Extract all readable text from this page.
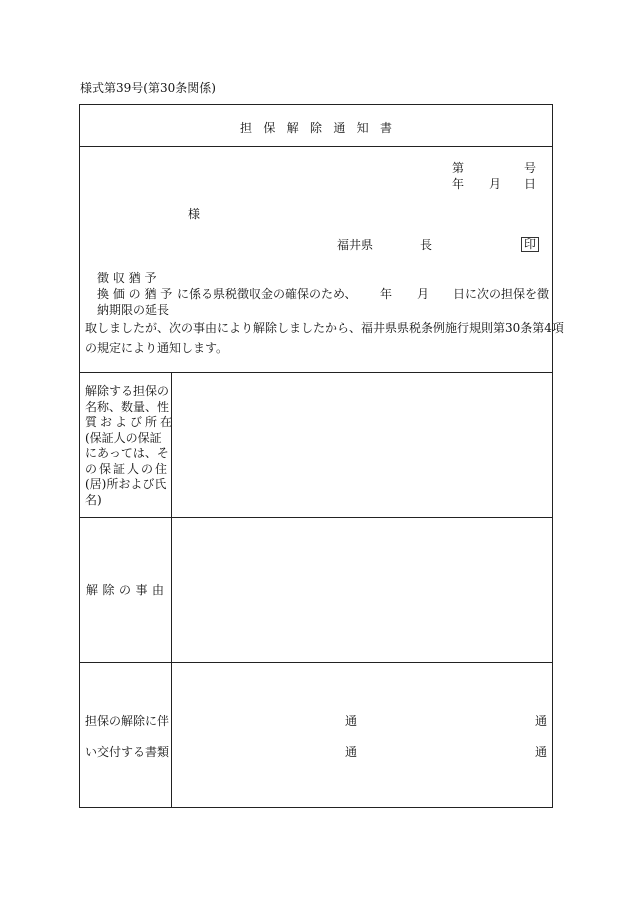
様式第39号(第30条関係)
担 保 解 除 通 知 書
第	号
年 月 日
様
福井県	長	印
徴 収 猶 予
換 価 の 猶 予
納期限の延長
に係る県税徴収金の確保のため、 年 月 日に次の担保を徴
取しましたが、次の事由により解除しましたから、福井県県税条例施行規則第30条第4項
の規定により通知します。
解除する担保の
名称、数量、性
質および所在
(保証人の保証
にあっては、そ
の保証人の住
(居)所および氏
名)
解 除 の 事 由
担保の解除に伴
い交付する書類
通	通
通	通
